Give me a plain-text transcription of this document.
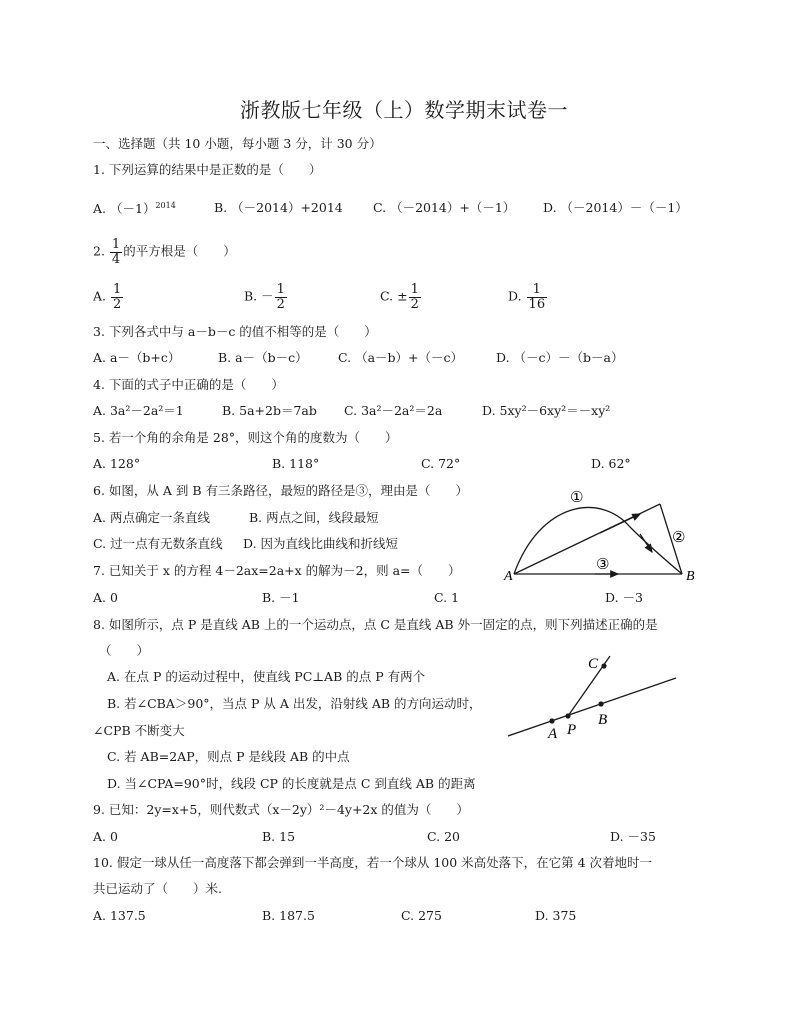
浙教版七年级（上）数学期末试卷一
一、选择题（共 10 小题，每小题 3 分，计 30 分）
1. 下列运算的结果中是正数的是（　　）
A. $(-1)^{2014}$	B. （－2014）+2014 C. （－2014）+（－1） D. （－2014）－（－1）
2. $\frac{1}{4}$ 的平方根是（　　）
A. $\frac{1}{2}$	B. － $\frac{1}{2}$	C. ± $\frac{1}{2}$	D. $\frac{1}{16}$
3. 下列各式中与 a－b－c 的值不相等的是（　　）
A. a－（b+c）	B. a－（b－c） C. （a－b）+（－c）	D. （－c）－（b－a）
4. 下面的式子中正确的是（　　）
A. 3a²－2a²＝1	B. 5a+2b＝7ab C. 3a²－2a²＝2a	D. 5xy²－6xy²＝－xy²
5. 若一个角的余角是 28°，则这个角的度数为（　　）
A. 128°	B. 118°	C. 72°	D. 62°
6. 如图，从 A 到 B 有三条路径，最短的路径是③，理由是（　　）
A. 两点确定一条直线	B. 两点之间，线段最短
C. 过一点有无数条直线 D. 因为直线比曲线和折线短
A	B
①
②
③
7. 已知关于 x 的方程 4－2ax=2a+x 的解为－2，则 a=（　　）
A. 0	B. －1	C. 1	D. －3
8. 如图所示，点 P 是直线 AB 上的一个运动点，点 C 是直线 AB 外一固定的点，则下列描述正确的是
（　　）
A. 在点 P 的运动过程中，使直线 PC⊥AB 的点 P 有两个
B. 若∠CBA＞90°，当点 P 从 A 出发，沿射线 AB 的方向运动时，
∠CPB 不断变大
C. 若 AB=2AP，则点 P 是线段 AB 的中点
D. 当∠CPA=90°时，线段 CP 的长度就是点 C 到直线 AB 的距离
A P
B
C
9. 已知：2y=x+5，则代数式（x－2y）²－4y+2x 的值为（　　）
A. 0	B. 15	C. 20	D. －35
10. 假定一球从任一高度落下都会弹到一半高度，若一个球从 100 米高处落下，在它第 4 次着地时一
共已运动了（　　）米.
A. 137.5	B. 187.5	C. 275	D. 375
